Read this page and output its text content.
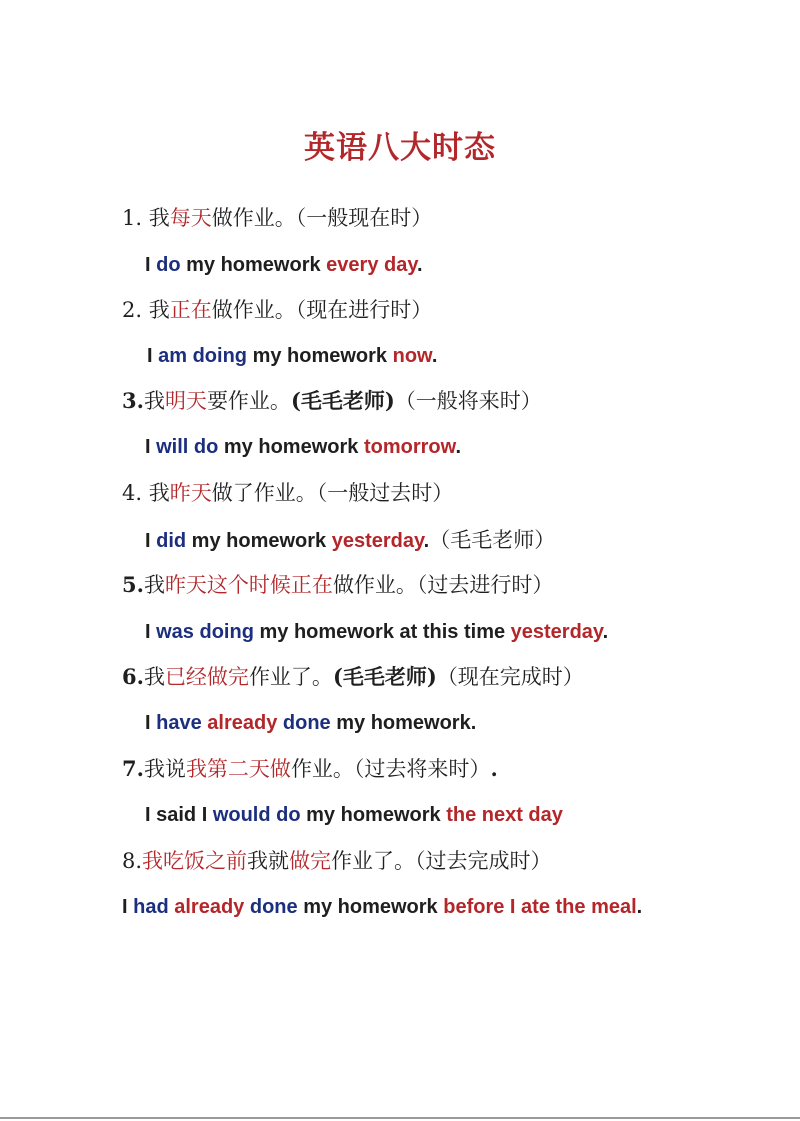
英语八大时态
1. 我每天做作业。（一般现在时）
I do my homework every day.
2. 我正在做作业。（现在进行时）
I am doing my homework now.
3.我明天要作业。(毛毛老师)（一般将来时）
I will do my homework tomorrow.
4. 我昨天做了作业。（一般过去时）
I did my homework yesterday.（毛毛老师）
5.我昨天这个时候正在做作业。（过去进行时）
I was doing my homework at this time yesterday.
6.我已经做完作业了。(毛毛老师)（现在完成时）
I have already done my homework.
7.我说我第二天做作业。（过去将来时）.
I said I would do my homework the next day
8.我吃饭之前我就做完作业了。（过去完成时）
I had already done my homework before I ate the meal.
